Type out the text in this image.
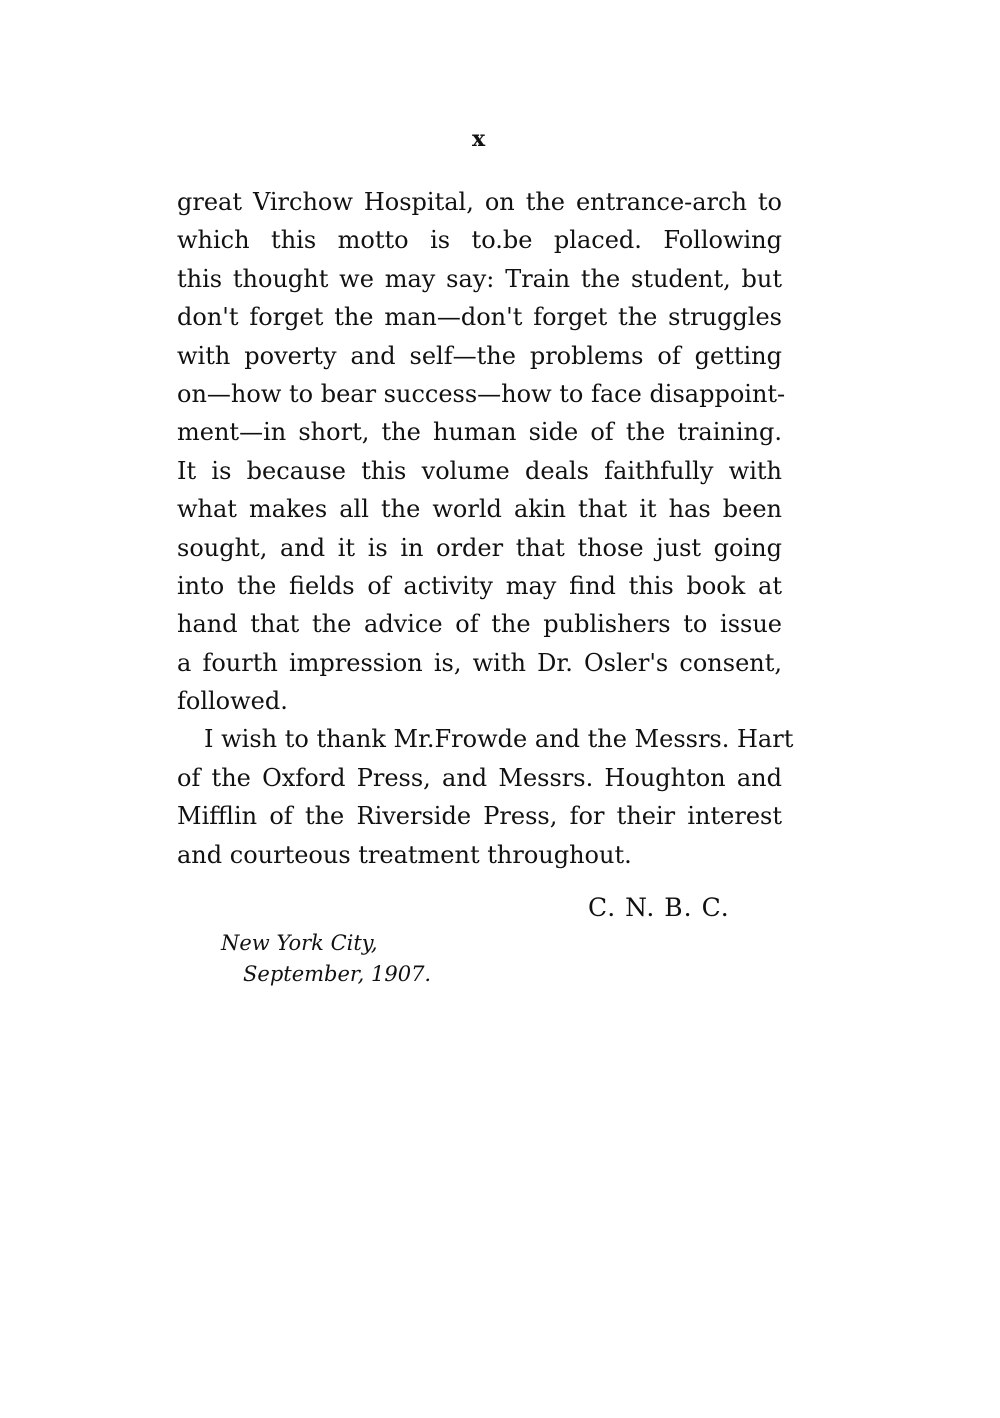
x
great Virchow Hospital, on the entrance-arch to
which this motto is to.be placed. Following
this thought we may say: Train the student, but
don't forget the man—don't forget the struggles
with poverty and self—the problems of getting
on—how to bear success—how to face disappoint-
ment—in short, the human side of the training.
It is because this volume deals faithfully with
what makes all the world akin that it has been
sought, and it is in order that those just going
into the fields of activity may find this book at
hand that the advice of the publishers to issue
a fourth impression is, with Dr. Osler's consent,
followed.
I wish to thank Mr.Frowde and the Messrs. Hart
of the Oxford Press, and Messrs. Houghton and
Mifflin of the Riverside Press, for their interest
and courteous treatment throughout.
C. N. B. C.
New York City,
September, 1907.
